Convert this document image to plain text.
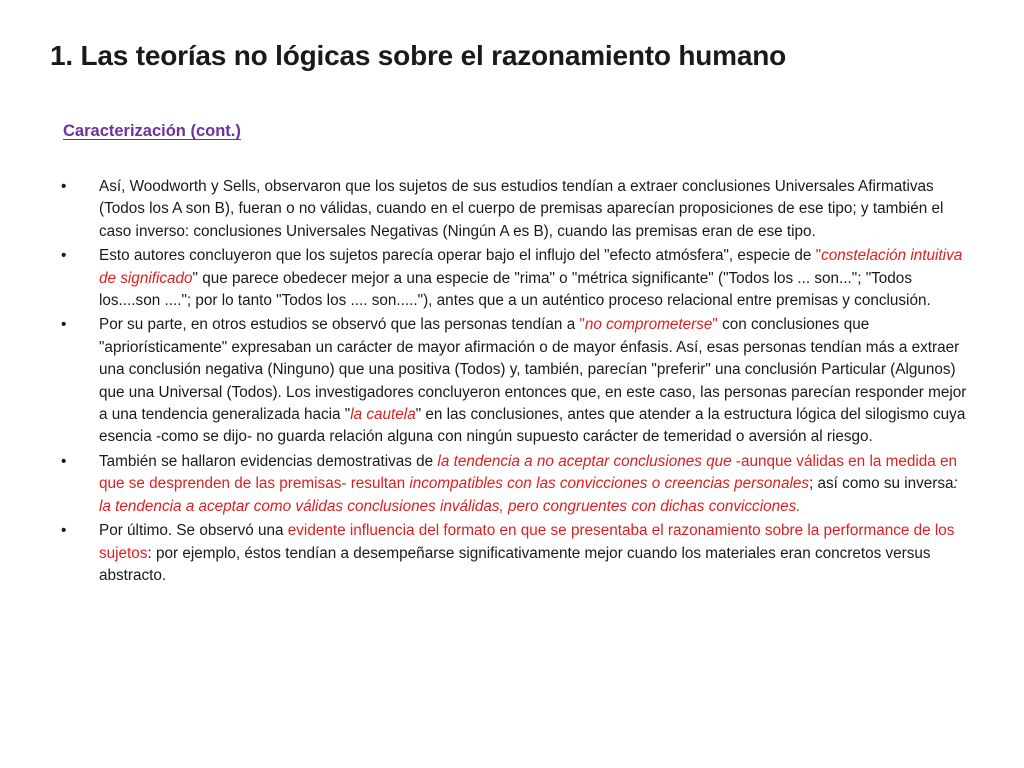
1. Las teorías no lógicas sobre el razonamiento humano
Caracterización (cont.)
• Así, Woodworth y Sells, observaron que los sujetos de sus estudios tendían a extraer conclusiones Universales Afirmativas (Todos los A son B), fueran o no válidas, cuando en el cuerpo de premisas aparecían proposiciones de ese tipo; y también el caso inverso: conclusiones Universales Negativas (Ningún A es B), cuando las premisas eran de ese tipo.
• Esto autores concluyeron que los sujetos parecía operar bajo el influjo del "efecto atmósfera", especie de "constelación intuitiva de significado" que parece obedecer mejor a una especie de "rima" o "métrica significante" ("Todos los ... son..."; "Todos los....son ...."; por lo tanto "Todos los .... son....."), antes que a un auténtico proceso relacional entre premisas y conclusión.
• Por su parte, en otros estudios se observó que las personas tendían a "no comprometerse" con conclusiones que "apriorísticamente" expresaban un carácter de mayor afirmación o de mayor énfasis. Así, esas personas tendían más a extraer una conclusión negativa (Ninguno) que una positiva (Todos) y, también, parecían "preferir" una conclusión Particular (Algunos) que una Universal (Todos). Los investigadores concluyeron entonces que, en este caso, las personas parecían responder mejor a una tendencia generalizada hacia "la cautela" en las conclusiones, antes que atender a la estructura lógica del silogismo cuya esencia -como se dijo- no guarda relación alguna con ningún supuesto carácter de temeridad o aversión al riesgo.
• También se hallaron evidencias demostrativas de la tendencia a no aceptar conclusiones que -aunque válidas en la medida en que se desprenden de las premisas- resultan incompatibles con las convicciones o creencias personales; así como su inversa: la tendencia a aceptar como válidas conclusiones inválidas, pero congruentes con dichas convicciones.
• Por último. Se observó una evidente influencia del formato en que se presentaba el razonamiento sobre la performance de los sujetos: por ejemplo, éstos tendían a desempeñarse significativamente mejor cuando los materiales eran concretos versus abstracto.
